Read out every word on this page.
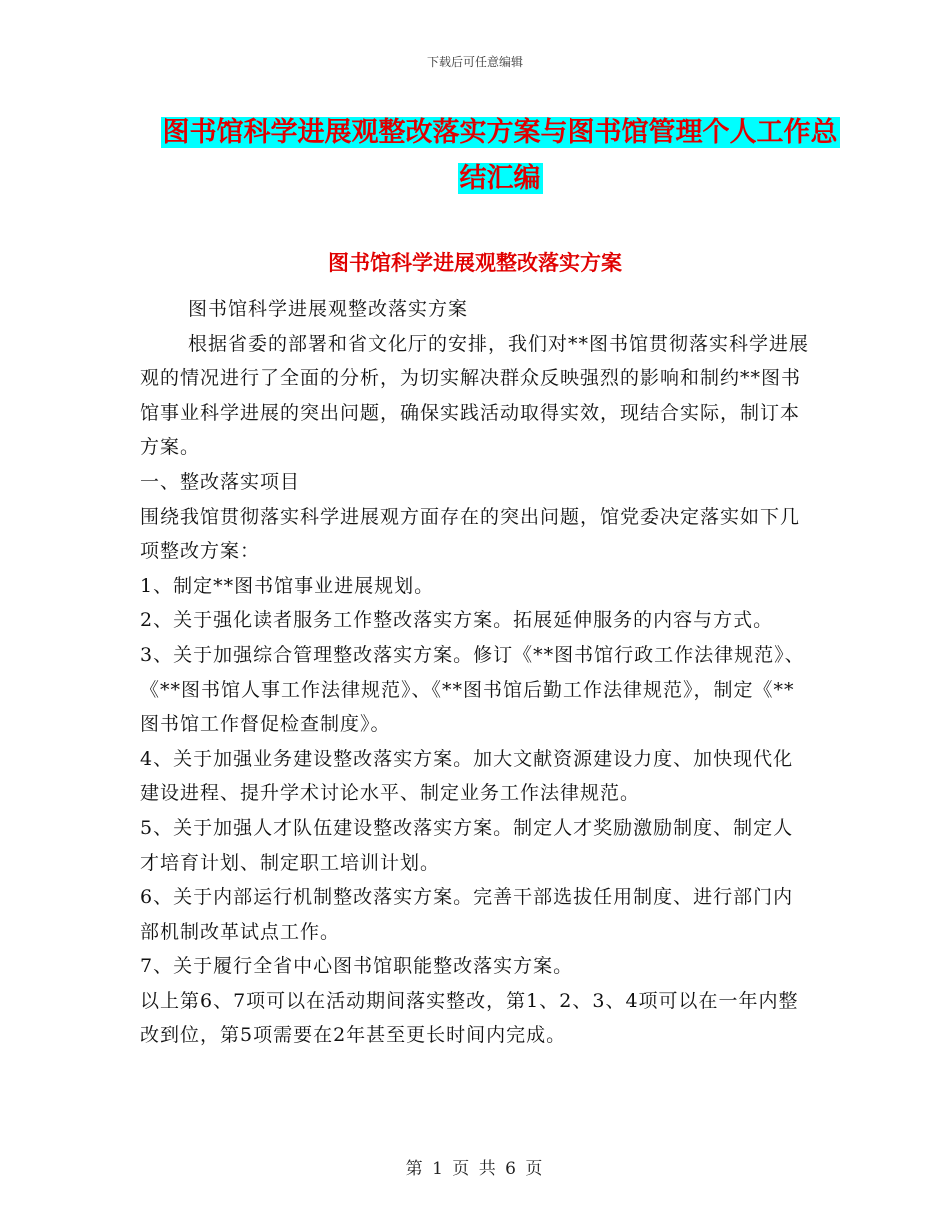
下载后可任意编辑
图书馆科学进展观整改落实方案与图书馆管理个人工作总结汇编
图书馆科学进展观整改落实方案

图书馆科学进展观整改落实方案

根据省委的部署和省文化厅的安排，我们对**图书馆贯彻落实科学进展观的情况进行了全面的分析，为切实解决群众反映强烈的影响和制约**图书馆事业科学进展的突出问题，确保实践活动取得实效，现结合实际，制订本方案。

一、整改落实项目

围绕我馆贯彻落实科学进展观方面存在的突出问题，馆党委决定落实如下几项整改方案：

1、制定**图书馆事业进展规划。

2、关于强化读者服务工作整改落实方案。拓展延伸服务的内容与方式。

3、关于加强综合管理整改落实方案。修订《**图书馆行政工作法律规范》、《**图书馆人事工作法律规范》、《**图书馆后勤工作法律规范》，制定《**图书馆工作督促检查制度》。

4、关于加强业务建设整改落实方案。加大文献资源建设力度、加快现代化建设进程、提升学术讨论水平、制定业务工作法律规范。

5、关于加强人才队伍建设整改落实方案。制定人才奖励激励制度、制定人才培育计划、制定职工培训计划。

6、关于内部运行机制整改落实方案。完善干部选拔任用制度、进行部门内部机制改革试点工作。

7、关于履行全省中心图书馆职能整改落实方案。

以上第6、7项可以在活动期间落实整改，第1、2、3、4项可以在一年内整改到位，第5项需要在2年甚至更长时间内完成。

第 1 页 共 6 页
